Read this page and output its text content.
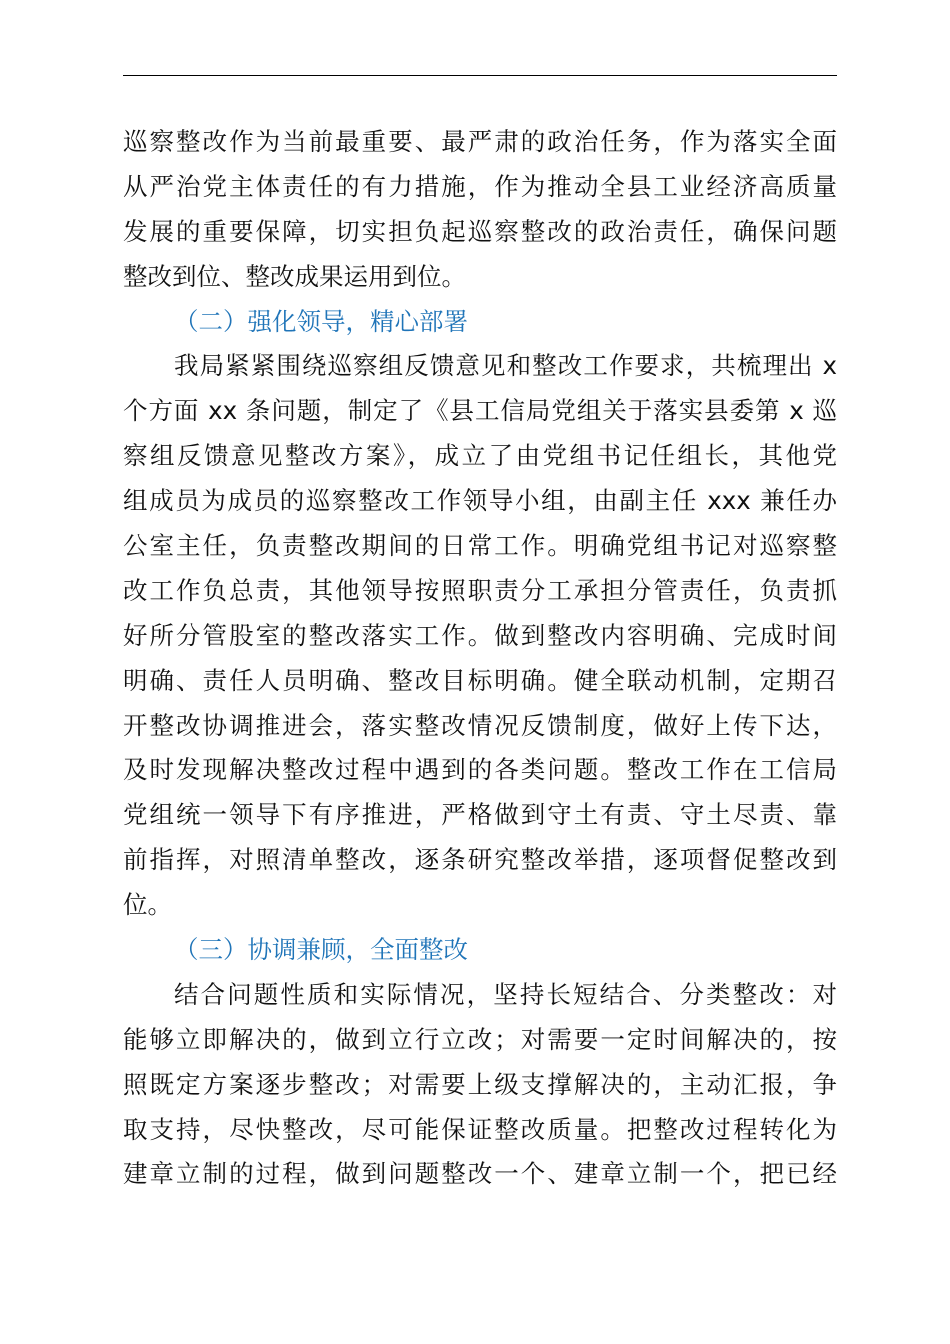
巡察整改作为当前最重要、最严肃的政治任务，作为落实全面
从严治党主体责任的有力措施，作为推动全县工业经济高质量
发展的重要保障，切实担负起巡察整改的政治责任，确保问题
整改到位、整改成果运用到位。
（二）强化领导，精心部署
我局紧紧围绕巡察组反馈意见和整改工作要求，共梳理出 x
个方面 xx 条问题，制定了《县工信局党组关于落实县委第 x 巡
察组反馈意见整改方案》，成立了由党组书记任组长，其他党
组成员为成员的巡察整改工作领导小组，由副主任 xxx 兼任办
公室主任，负责整改期间的日常工作。明确党组书记对巡察整
改工作负总责，其他领导按照职责分工承担分管责任，负责抓
好所分管股室的整改落实工作。做到整改内容明确、完成时间
明确、责任人员明确、整改目标明确。健全联动机制，定期召
开整改协调推进会，落实整改情况反馈制度，做好上传下达，
及时发现解决整改过程中遇到的各类问题。整改工作在工信局
党组统一领导下有序推进，严格做到守土有责、守土尽责、靠
前指挥，对照清单整改，逐条研究整改举措，逐项督促整改到
位。
（三）协调兼顾，全面整改
结合问题性质和实际情况，坚持长短结合、分类整改：对
能够立即解决的，做到立行立改；对需要一定时间解决的，按
照既定方案逐步整改；对需要上级支撑解决的，主动汇报，争
取支持，尽快整改，尽可能保证整改质量。把整改过程转化为
建章立制的过程，做到问题整改一个、建章立制一个，把已经
